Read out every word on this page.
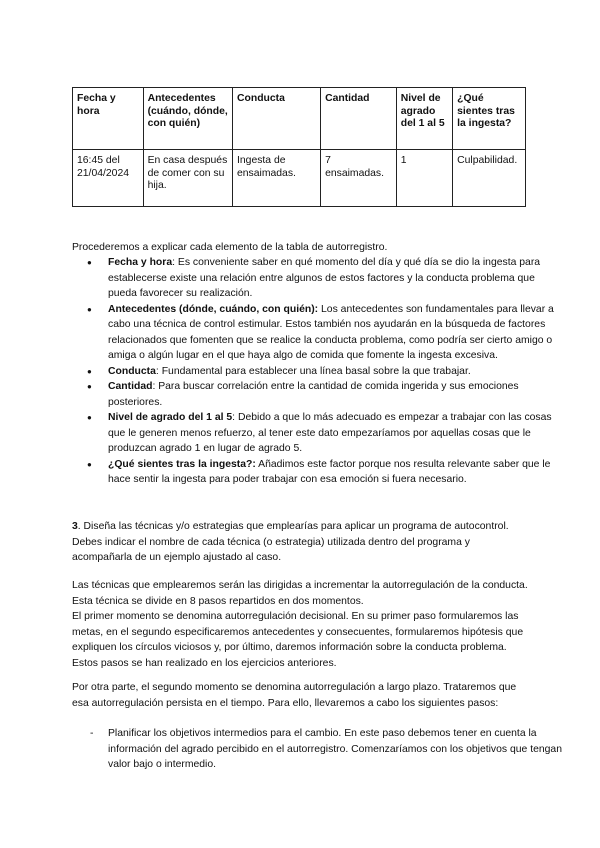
Fecha y hora	Antecedentes (cuándo, dónde, con quién)	Conducta	Cantidad	Nivel de agrado del 1 al 5	¿Qué sientes tras la ingesta?
16:45 del 21/04/2024	En casa después de comer con su hija.	Ingesta de ensaimadas.	7 ensaimadas.	1	Culpabilidad.

Procederemos a explicar cada elemento de la tabla de autorregistro.

● Fecha y hora: Es conveniente saber en qué momento del día y qué día se dio la ingesta para establecerse existe una relación entre algunos de estos factores y la conducta problema que pueda favorecer su realización.
● Antecedentes (dónde, cuándo, con quién): Los antecedentes son fundamentales para llevar a cabo una técnica de control estimular. Estos también nos ayudarán en la búsqueda de factores relacionados que fomenten que se realice la conducta problema, como podría ser cierto amigo o amiga o algún lugar en el que haya algo de comida que fomente la ingesta excesiva.
● Conducta: Fundamental para establecer una línea basal sobre la que trabajar.
● Cantidad: Para buscar correlación entre la cantidad de comida ingerida y sus emociones posteriores.
● Nivel de agrado del 1 al 5: Debido a que lo más adecuado es empezar a trabajar con las cosas que le generen menos refuerzo, al tener este dato empezaríamos por aquellas cosas que le produzcan agrado 1 en lugar de agrado 5.
● ¿Qué sientes tras la ingesta?: Añadimos este factor porque nos resulta relevante saber que le hace sentir la ingesta para poder trabajar con esa emoción si fuera necesario.

3. Diseña las técnicas y/o estrategias que emplearías para aplicar un programa de autocontrol. Debes indicar el nombre de cada técnica (o estrategia) utilizada dentro del programa y acompañarla de un ejemplo ajustado al caso.

Las técnicas que emplearemos serán las dirigidas a incrementar la autorregulación de la conducta. Esta técnica se divide en 8 pasos repartidos en dos momentos.

El primer momento se denomina autorregulación decisional. En su primer paso formularemos las metas, en el segundo especificaremos antecedentes y consecuentes, formularemos hipótesis que expliquen los círculos viciosos y, por último, daremos información sobre la conducta problema. Estos pasos se han realizado en los ejercicios anteriores.

Por otra parte, el segundo momento se denomina autorregulación a largo plazo. Trataremos que esa autorregulación persista en el tiempo. Para ello, llevaremos a cabo los siguientes pasos:

- Planificar los objetivos intermedios para el cambio. En este paso debemos tener en cuenta la información del agrado percibido en el autorregistro. Comenzaríamos con los objetivos que tengan valor bajo o intermedio.
